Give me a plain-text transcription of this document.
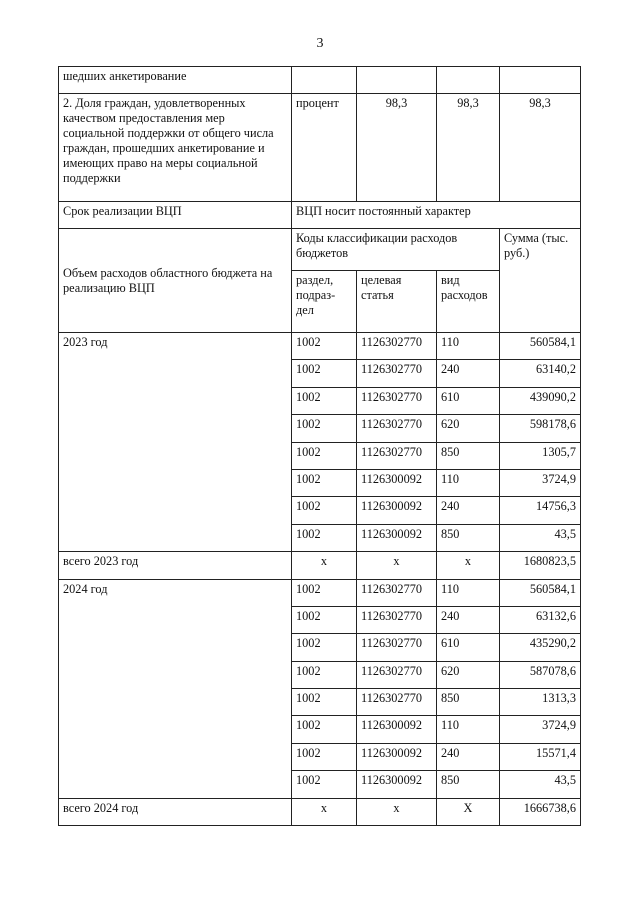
3
шедших анкетирование				
2. Доля граждан, удовлетворенных качеством предоставления мер социальной поддержки от общего числа граждан, прошедших анкетирование и имеющих право на меры социальной поддержки	процент	98,3	98,3	98,3
Срок реализации ВЦП	ВЦП носит постоянный характер			
Объем расходов областного бюджета на реализацию ВЦП	Коды классификации расходов бюджетов			Сумма (тыс. руб.)
	раздел, подраз-дел	целевая статья	вид расходов	
2023 год	1002	1126302770	110	560584,1
	1002	1126302770	240	63140,2
	1002	1126302770	610	439090,2
	1002	1126302770	620	598178,6
	1002	1126302770	850	1305,7
	1002	1126300092	110	3724,9
	1002	1126300092	240	14756,3
	1002	1126300092	850	43,5
всего 2023 год	x	x	x	1680823,5
2024 год	1002	1126302770	110	560584,1
	1002	1126302770	240	63132,6
	1002	1126302770	610	435290,2
	1002	1126302770	620	587078,6
	1002	1126302770	850	1313,3
	1002	1126300092	110	3724,9
	1002	1126300092	240	15571,4
	1002	1126300092	850	43,5
всего 2024 год	x	x	X	1666738,6
